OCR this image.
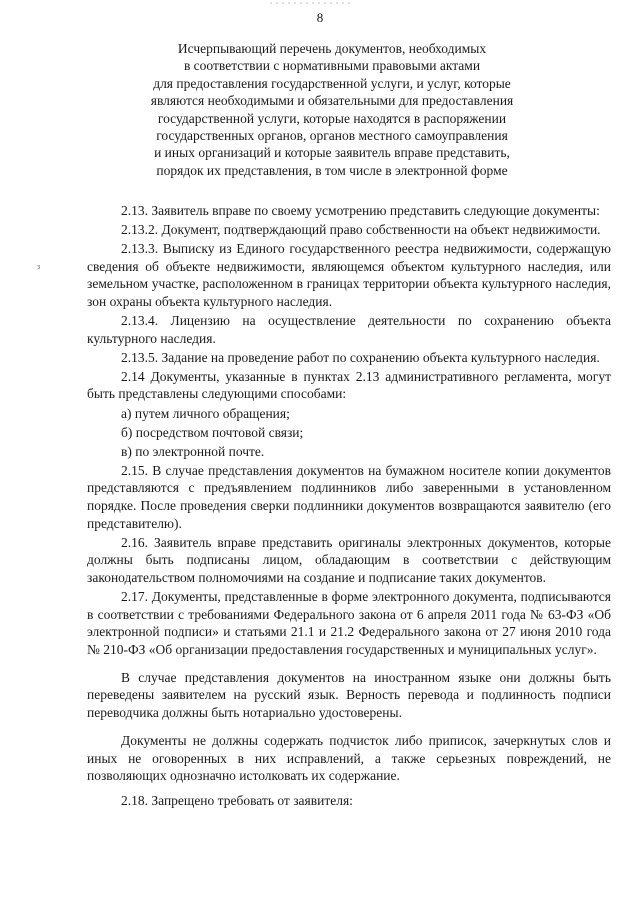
8
Исчерпывающий перечень документов, необходимых
в соответствии с нормативными правовыми актами
для предоставления государственной услуги, и услуг, которые
являются необходимыми и обязательными для предоставления
государственной услуги, которые находятся в распоряжении
государственных органов, органов местного самоуправления
и иных организаций и которые заявитель вправе представить,
порядок их представления, в том числе в электронной форме
з

2.13. Заявитель вправе по своему усмотрению представить следующие документы:

2.13.2. Документ, подтверждающий право собственности на объект недвижимости.

2.13.3. Выписку из Единого государственного реестра недвижимости, содержащую сведения об объекте недвижимости, являющемся объектом культурного наследия, или земельном участке, расположенном в границах территории объекта культурного наследия, зон охраны объекта культурного наследия.

2.13.4. Лицензию на осуществление деятельности по сохранению объекта культурного наследия.

2.13.5. Задание на проведение работ по сохранению объекта культурного наследия.

2.14 Документы, указанные в пунктах 2.13 административного регламента, могут быть представлены следующими способами:

а) путем личного обращения;

б) посредством почтовой связи;

в) по электронной почте.

2.15. В случае представления документов на бумажном носителе копии документов представляются с предъявлением подлинников либо заверенными в установленном порядке. После проведения сверки подлинники документов возвращаются заявителю (его представителю).

2.16. Заявитель вправе представить оригиналы электронных документов, которые должны быть подписаны лицом, обладающим в соответствии с действующим законодательством полномочиями на создание и подписание таких документов.

2.17. Документы, представленные в форме электронного документа, подписываются в соответствии с требованиями Федерального закона от 6 апреля 2011 года № 63-ФЗ «Об электронной подписи» и статьями 21.1 и 21.2 Федерального закона от 27 июня 2010 года № 210-ФЗ «Об организации предоставления государственных и муниципальных услуг».

В случае представления документов на иностранном языке они должны быть переведены заявителем на русский язык. Верность перевода и подлинность подписи переводчика должны быть нотариально удостоверены.

Документы не должны содержать подчисток либо приписок, зачеркнутых слов и иных не оговоренных в них исправлений, а также серьезных повреждений, не позволяющих однозначно истолковать их содержание.

2.18. Запрещено требовать от заявителя:
